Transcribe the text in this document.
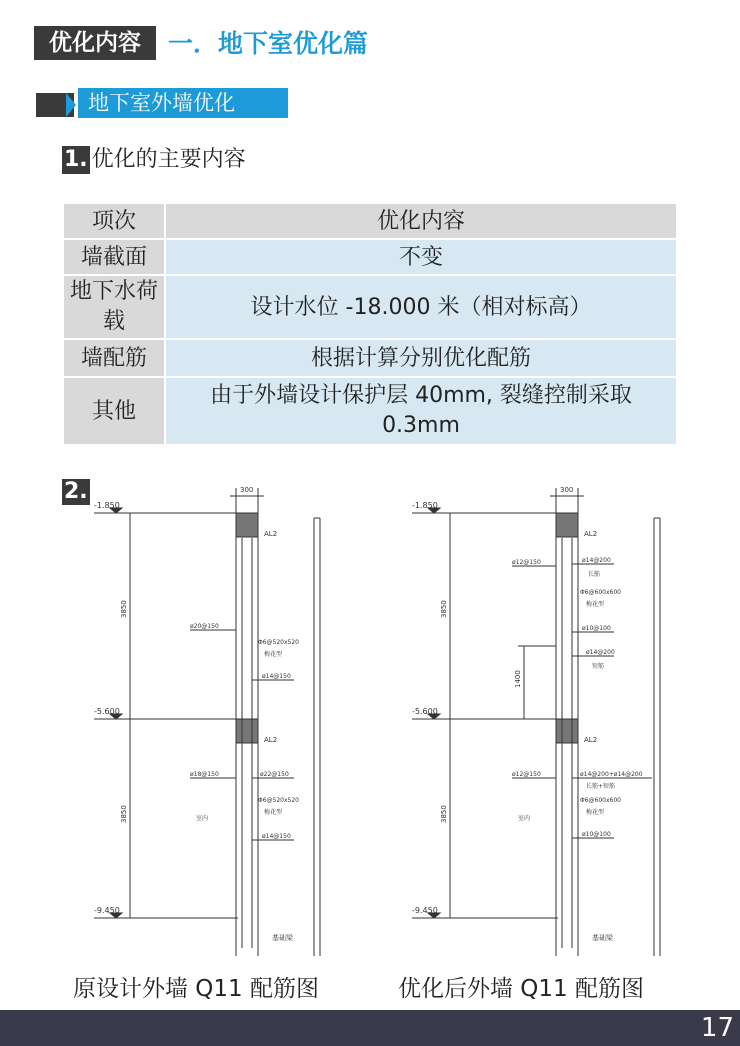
优化内容	一．地下室优化篇
地下室外墙优化
1. 优化的主要内容
项次	优化内容
墙截面	不变
地下水荷载	设计水位 -18.000 米（相对标高）
墙配筋	根据计算分别优化配筋
其他	由于外墙设计保护层 40mm, 裂缝控制采取 0.3mm
2.	300
-1.850
-5.600
-9.450
3850
3850
AL2
ø20@150
Φ6@520x520
梅花型
ø14@150
AL2
ø18@150	ø22@150
室内
Φ6@520x520
梅花型
ø14@150
基础梁
300
-1.850
-5.600
-9.450
3850
1400
3850
AL2
ø12@150	ø14@200
长筋
Φ6@600x600
梅花型
ø10@100
ø14@200
短筋
AL2
ø12@150	ø14@200+ø14@200
长筋+短筋
Φ6@600x600
室内
梅花型
ø10@100
基础梁
原设计外墙 Q11 配筋图	优化后外墙 Q11 配筋图
17
